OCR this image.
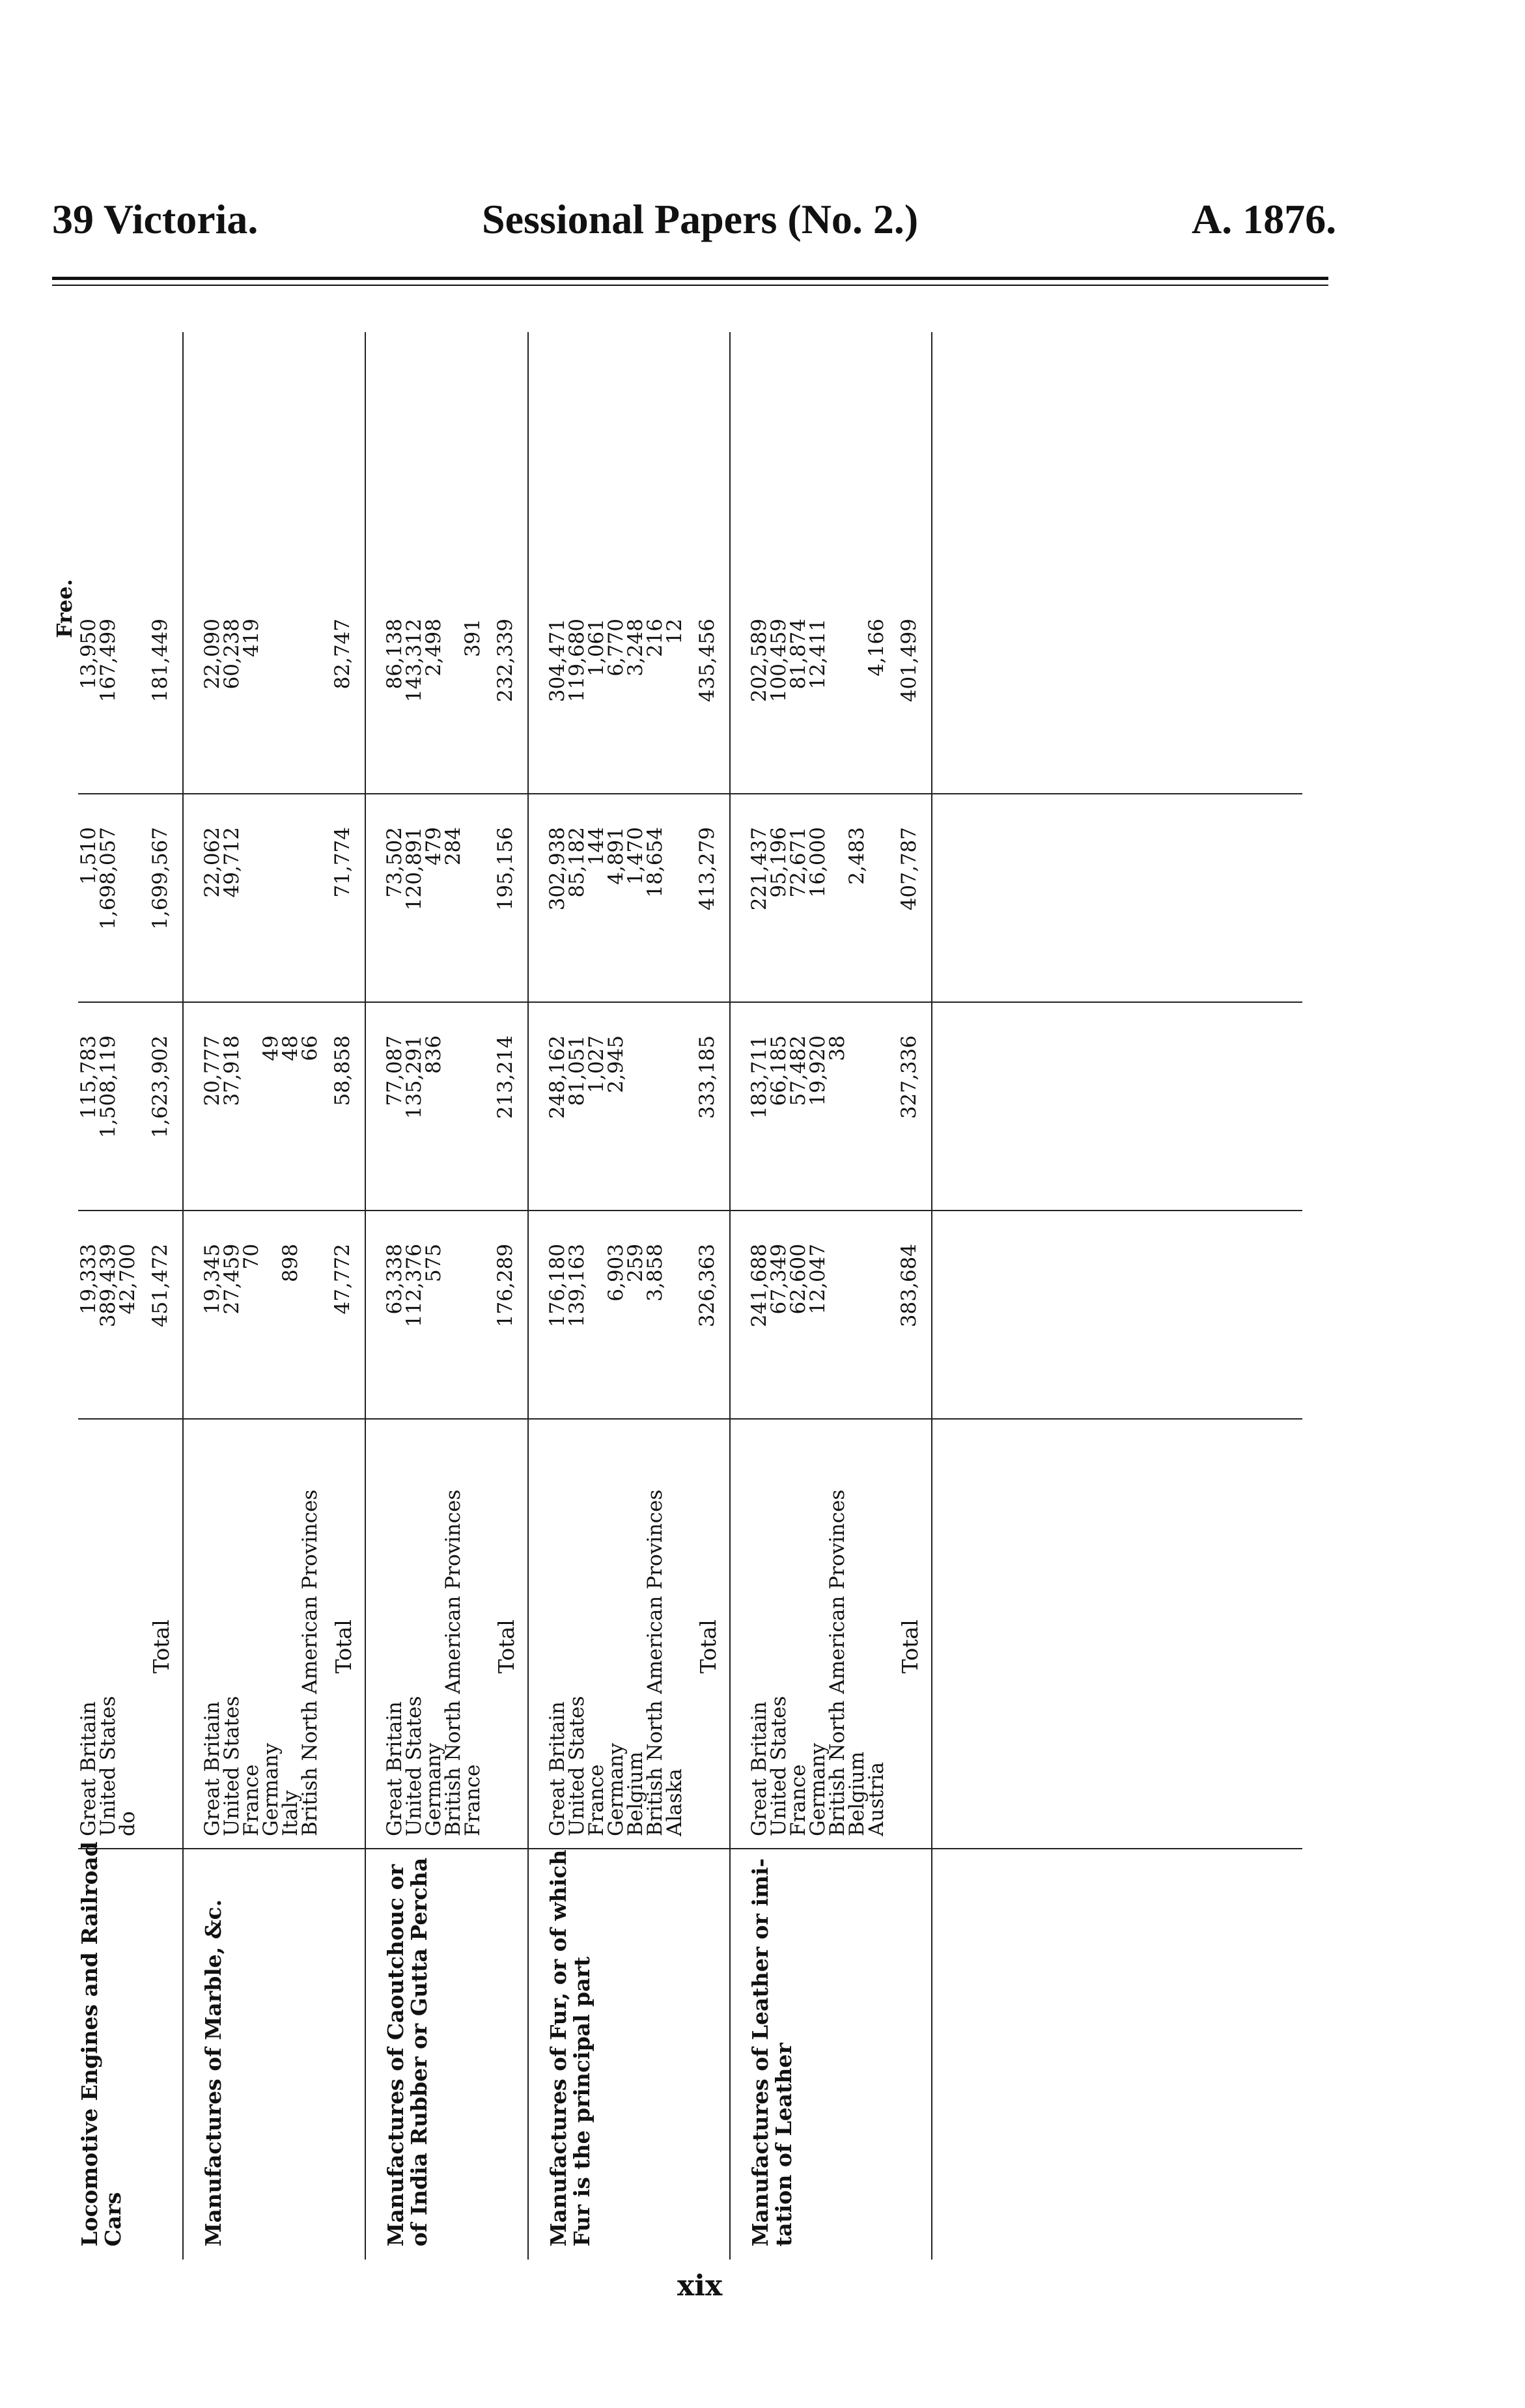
39 Victoria.	Sessional Papers (No. 2.)	A. 1876.
Free.
Locomotive Engines and Railroad
Cars
Great Britain
19,333
115,783
1,510
13,950
United States
389,439
1,508,119
1,698,057
167,499
do
42,700
Total
451,472
1,623,902
1,699,567
181,449
Manufactures of Marble, &c.
Great Britain
19,345
20,777
22,062
22,090
United States
27,459
37,918
49,712
60,238
France
70
419
Germany
49
Italy
898
48
British North American Provinces
66
Total
47,772
58,858
71,774
82,747
Manufactures of Caoutchouc or
of India Rubber or Gutta Percha
Great Britain
63,338
77,087
73,502
86,138
United States
112,376
135,291
120,891
143,312
Germany
575
836
479
2,498
British North American Provinces
284
France
391
Total
176,289
213,214
195,156
232,339
Manufactures of Fur, or of which
Fur is the principal part
Great Britain
176,180
248,162
302,938
304,471
United States
139,163
81,051
85,182
119,680
France
1,027
144
1,061
Germany
6,903
2,945
4,891
6,770
Belgium
259
1,470
3,248
British North American Provinces
3,858
18,654
216
Alaska
12
Total
326,363
333,185
413,279
435,456
Manufactures of Leather or imi-
tation of Leather
Great Britain
241,688
183,711
221,437
202,589
United States
67,349
66,185
95,196
100,459
France
62,600
57,482
72,671
81,874
Germany
12,047
19,920
16,000
12,411
British North American Provinces
38
Belgium
2,483
Austria
4,166
Total
383,684
327,336
407,787
401,499
xix
